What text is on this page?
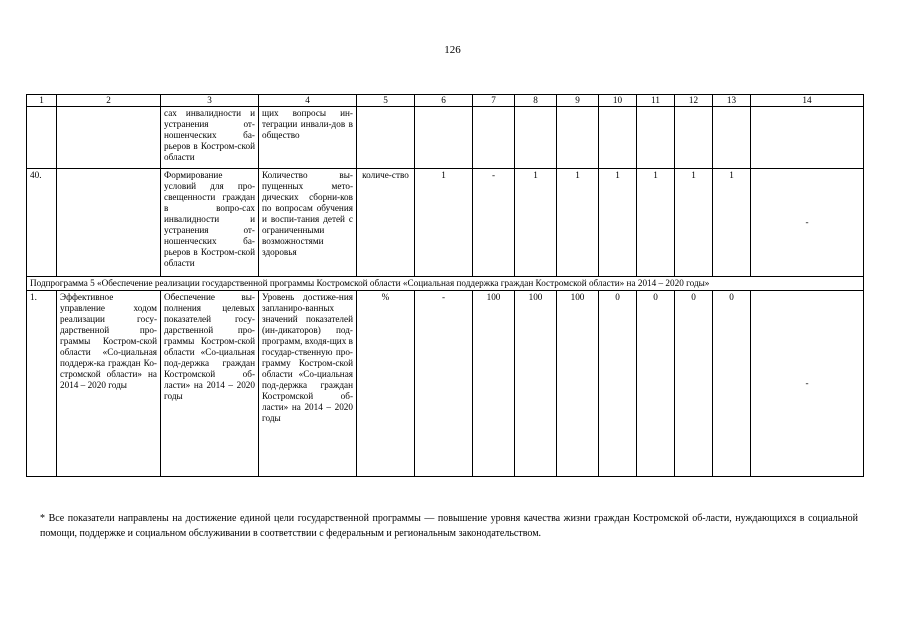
126
1	2	3	4	5	6	7	8	9	10	11	12	13	14
		сах инвалидности и устранения от-ношенческих ба-рьеров в Костром-ской области	щих вопросы ин-теграции инвали-дов в общество										
40.		Формирование условий для про-свещенности граждан в вопро-сах инвалидности и устранения от-ношенческих ба-рьеров в Костром-ской области	Количество вы-пущенных мето-дических сборни-ков по вопросам обучения и воспи-тания детей с ограниченными возможностями здоровья	количе-ство	1	-	1	1	1	1	1	1	-

Подпрограмма 5 «Обеспечение реализации государственной программы Костромской области «Социальная поддержка граждан Костромской области» на 2014 – 2020 годы»													
1.	Эффективное управление ходом реализации госу-дарственной про-граммы Костром-ской области «Со-циальная поддерж-ка граждан Ко-стромской области» на 2014 – 2020 годы	Обеспечение вы-полнения целевых показателей госу-дарственной про-граммы Костром-ской области «Со-циальная под-держка граждан Костромской об-ласти» на 2014 – 2020 годы	Уровень достиже-ния запланиро-ванных значений показателей (ин-дикаторов) под-программ, входя-щих в государ-ственную про-грамму Костром-ской области «Со-циальная под-держка граждан Костромской об-ласти» на 2014 – 2020 годы	%	-	100	100	100	0	0	0	0	-
* Все показатели направлены на достижение единой цели государственной программы — повышение уровня качества жизни граждан Костромской об-ласти, нуждающихся в социальной помощи, поддержке и социальном обслуживании в соответствии с федеральным и региональным законодательством.
